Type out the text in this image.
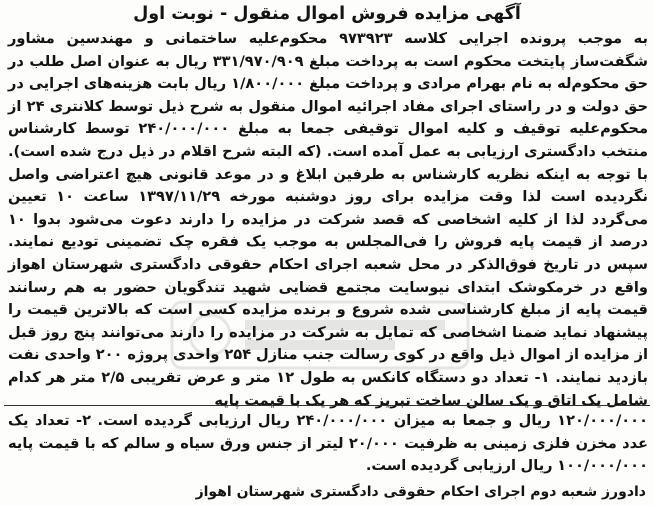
آگهی مزایده فروش اموال منقول - نوبت اول

به موجب پرونده اجرایی کلاسه ۹۷۳۹۲۳ محکوم‌علیه ساختمانی و مهندسین مشاور شگفت‌ساز پایتخت محکوم است به پرداخت مبلغ ۳۳۱/۹۷۰/۹۰۹ ریال به عنوان اصل طلب در حق محکوم‌له به نام بهرام مرادی و پرداخت مبلغ ۱/۸۰۰/۰۰۰ ریال بابت هزینه‌های اجرایی در حق دولت و در راستای اجرای مفاد اجرائیه اموال منقول به شرح ذیل توسط کلانتری ۲۴ از محکوم‌علیه توقیف و کلیه اموال توقیفی جمعا به مبلغ ۲۴۰/۰۰۰/۰۰۰ توسط کارشناس منتخب دادگستری ارزیابی به عمل آمده است. (که البته شرح اقلام در ذیل درج شده است). با توجه به اینکه نظریه کارشناس به طرفین ابلاغ و در موعد قانونی هیچ اعتراضی واصل نگردیده است لذا وقت مزایده برای روز دوشنبه مورخه ۱۳۹۷/۱۱/۲۹ ساعت ۱۰ تعیین می‌گردد لذا از کلیه اشخاصی که قصد شرکت در مزایده را دارند دعوت می‌شود بدوا ۱۰ درصد از قیمت پایه فروش را فی‌المجلس به موجب یک فقره چک تضمینی تودیع نمایند. سپس در تاریخ فوق‌الذکر در محل شعبه اجرای احکام حقوقی دادگستری شهرستان اهواز واقع در خرمکوشک ابتدای نیوسایت مجتمع قضایی شهید تندگویان حضور به هم رسانند قیمت پایه از مبلغ کارشناسی شده شروع و برنده مزایده کسی است که بالاترین قیمت را پیشنهاد نماید ضمنا اشخاصی که تمایل به شرکت در مزایده را دارند می‌توانند پنج روز قبل از مزایده از اموال ذیل واقع در کوی رسالت جنب منازل ۲۵۴ واحدی پروژه ۲۰۰ واحدی نفت بازدید نمایند. ۱- تعداد دو دستگاه کانکس به طول ۱۲ متر و عرض تقریبی ۲/۵ متر هر کدام شامل یک اتاق و یک سالن ساخت تبریز که هر یک با قیمت پایه

۱۲۰/۰۰۰/۰۰۰ ریال و جمعا به میزان ۲۴۰/۰۰۰/۰۰۰ ریال ارزیابی گردیده است. ۲- تعداد یک عدد مخزن فلزی زمینی به ظرفیت ۲۰/۰۰۰ لیتر از جنس ورق سیاه و سالم که با قیمت پایه ۱۰۰/۰۰۰/۰۰۰ ریال ارزیابی گردیده است.

دادورز شعبه دوم اجرای احکام حقوقی دادگستری شهرستان اهواز
